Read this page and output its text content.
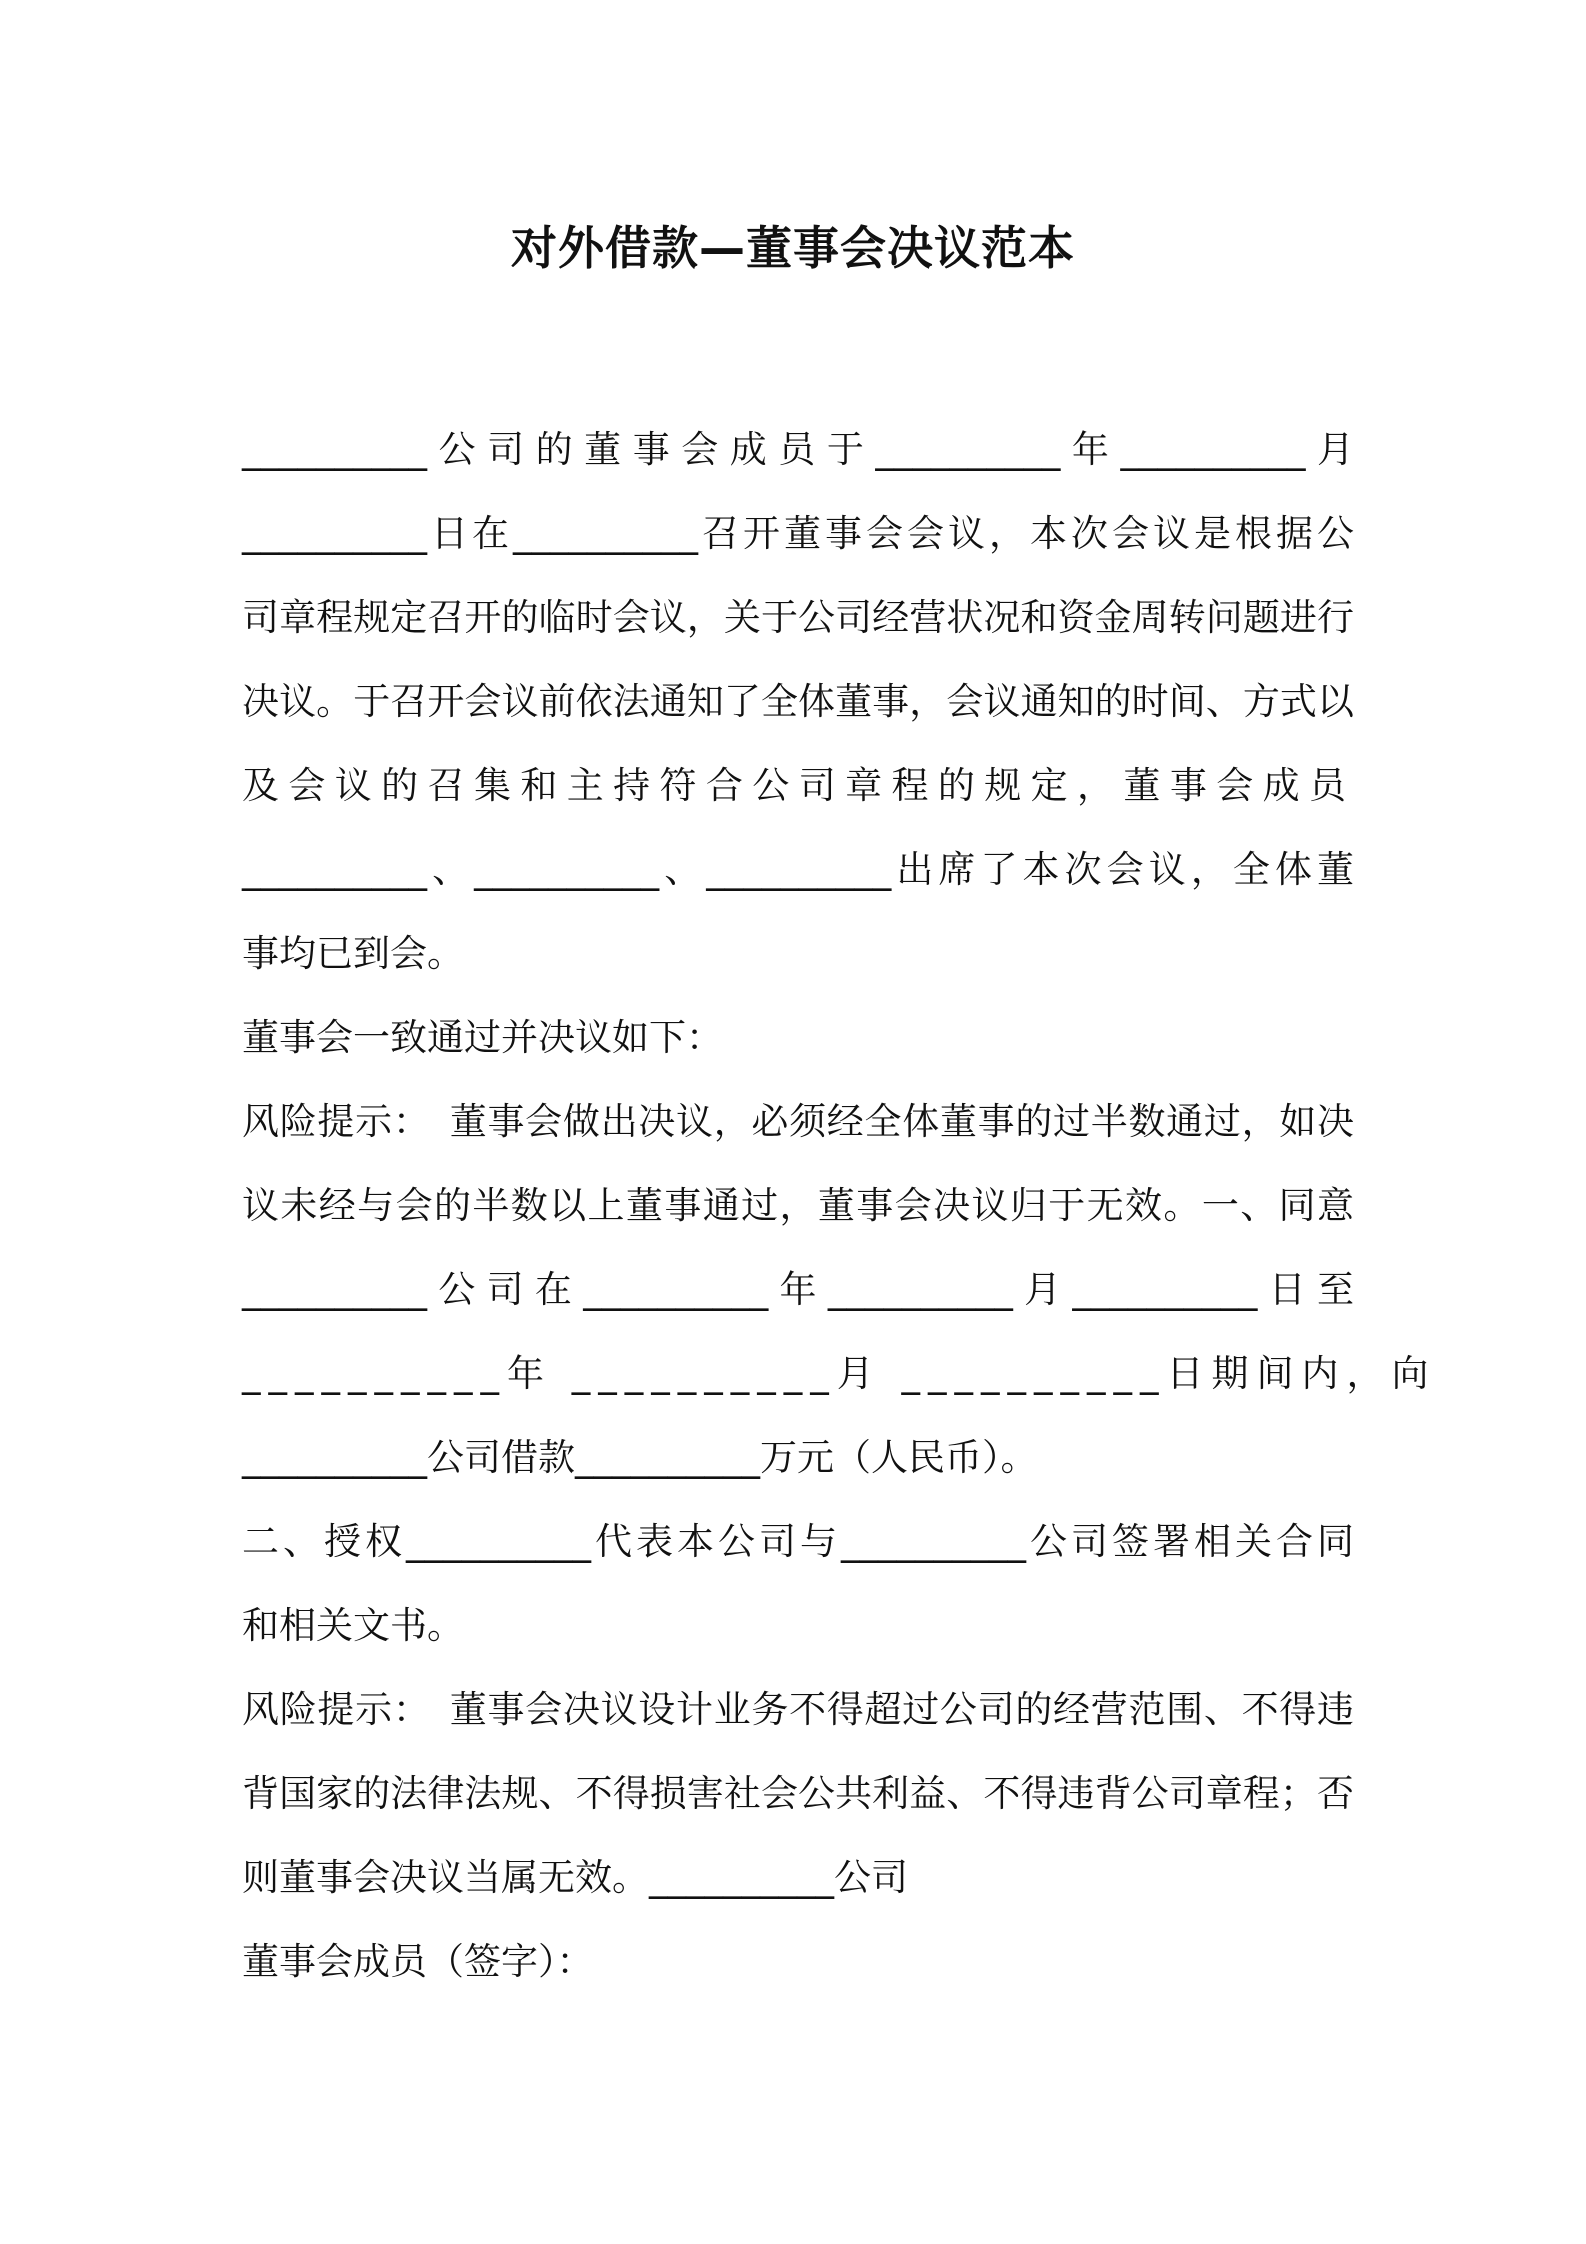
对外借款—董事会决议范本
__________公司的董事会成员于__________年__________月
__________日在__________召开董事会会议，本次会议是根据公
司章程规定召开的临时会议，关于公司经营状况和资金周转问题进行
决议。于召开会议前依法通知了全体董事，会议通知的时间、方式以
及会议的召集和主持符合公司章程的规定，董事会成员
__________、__________、__________出席了本次会议，全体董
事均已到会。
董事会一致通过并决议如下：
风险提示：　董事会做出决议，必须经全体董事的过半数通过，如决
议未经与会的半数以上董事通过，董事会决议归于无效。一、同意
__________公司在__________年__________月__________日至
__________年 __________月 __________日期间内，向
__________公司借款__________万元（人民币）。
二、授权__________代表本公司与__________公司签署相关合同
和相关文书。
风险提示：　董事会决议设计业务不得超过公司的经营范围、不得违
背国家的法律法规、不得损害社会公共利益、不得违背公司章程；否
则董事会决议当属无效。__________公司
董事会成员（签字）：
